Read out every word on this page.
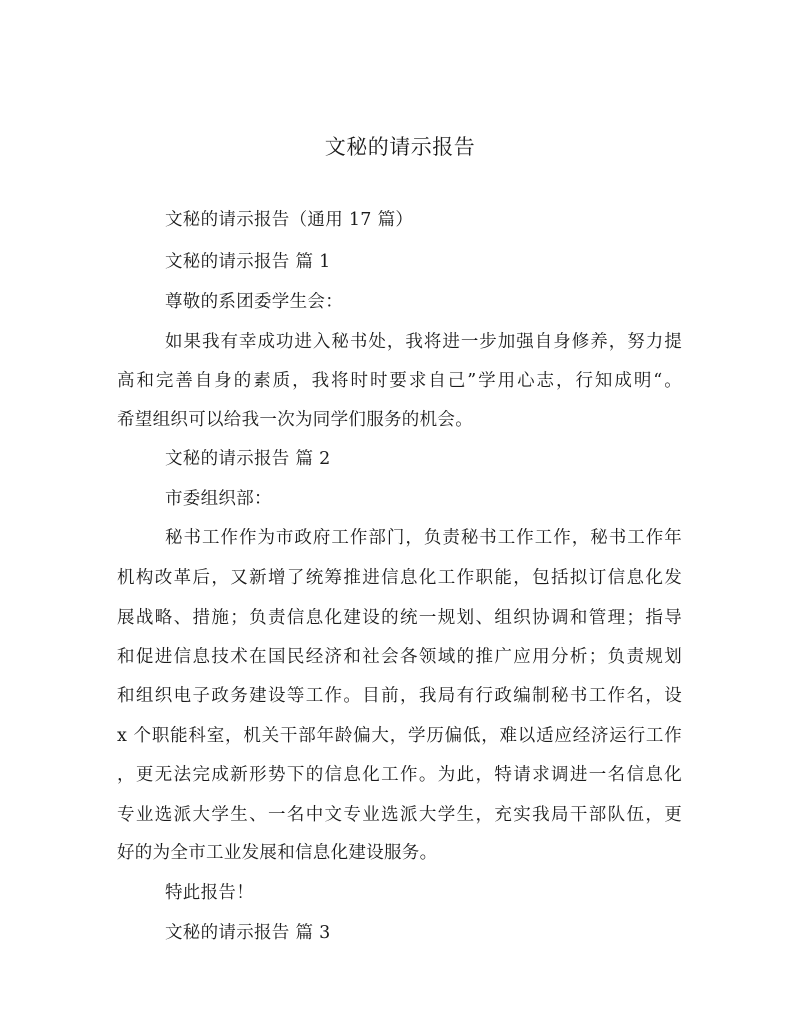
文秘的请示报告
文秘的请示报告（通用 17 篇）
文秘的请示报告 篇 1
尊敬的系团委学生会：
如果我有幸成功进入秘书处，我将进一步加强自身修养，努力提
高和完善自身的素质，我将时时要求自己”学用心志，行知成明“。
希望组织可以给我一次为同学们服务的机会。
文秘的请示报告 篇 2
市委组织部：
秘书工作作为市政府工作部门，负责秘书工作工作，秘书工作年
机构改革后，又新增了统筹推进信息化工作职能，包括拟订信息化发
展战略、措施；负责信息化建设的统一规划、组织协调和管理；指导
和促进信息技术在国民经济和社会各领域的推广应用分析；负责规划
和组织电子政务建设等工作。目前，我局有行政编制秘书工作名，设
x 个职能科室，机关干部年龄偏大，学历偏低，难以适应经济运行工作
，更无法完成新形势下的信息化工作。为此，特请求调进一名信息化
专业选派大学生、一名中文专业选派大学生，充实我局干部队伍，更
好的为全市工业发展和信息化建设服务。
特此报告！
文秘的请示报告 篇 3
